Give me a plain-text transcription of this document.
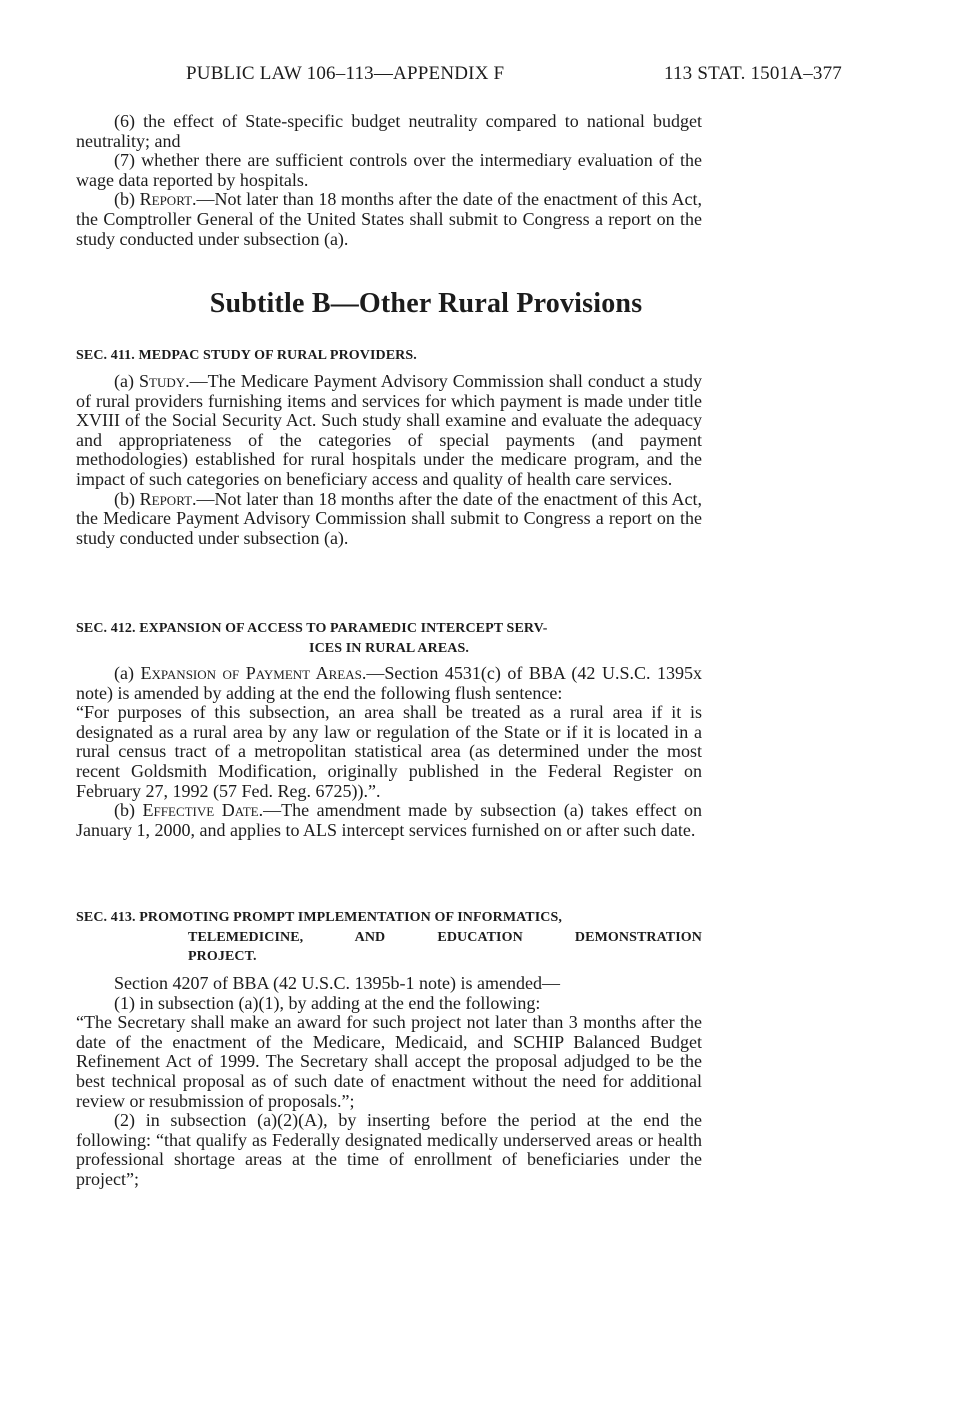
PUBLIC LAW 106–113—APPENDIX F	113 STAT. 1501A–377

(6) the effect of State-specific budget neutrality compared to national budget neutrality; and

(7) whether there are sufficient controls over the intermediary evaluation of the wage data reported by hospitals.

(b) Report.—Not later than 18 months after the date of the enactment of this Act, the Comptroller General of the United States shall submit to Congress a report on the study conducted under subsection (a).

Subtitle B—Other Rural Provisions
SEC. 411. MEDPAC STUDY OF RURAL PROVIDERS.

(a) Study.—The Medicare Payment Advisory Commission shall conduct a study of rural providers furnishing items and services for which payment is made under title XVIII of the Social Security Act. Such study shall examine and evaluate the adequacy and appropriateness of the categories of special payments (and payment methodologies) established for rural hospitals under the medicare program, and the impact of such categories on beneficiary access and quality of health care services.

(b) Report.—Not later than 18 months after the date of the enactment of this Act, the Medicare Payment Advisory Commission shall submit to Congress a report on the study conducted under subsection (a).

SEC. 412. EXPANSION OF ACCESS TO PARAMEDIC INTERCEPT SERV-
ICES IN RURAL AREAS.

(a) Expansion of Payment Areas.—Section 4531(c) of BBA (42 U.S.C. 1395x note) is amended by adding at the end the following flush sentence:

“For purposes of this subsection, an area shall be treated as a rural area if it is designated as a rural area by any law or regulation of the State or if it is located in a rural census tract of a metropolitan statistical area (as determined under the most recent Goldsmith Modification, originally published in the Federal Register on February 27, 1992 (57 Fed. Reg. 6725)).”.

(b) Effective Date.—The amendment made by subsection (a) takes effect on January 1, 2000, and applies to ALS intercept services furnished on or after such date.

SEC. 413. PROMOTING PROMPT IMPLEMENTATION OF INFORMATICS,
TELEMEDICINE, AND EDUCATION DEMONSTRATION
PROJECT.

Section 4207 of BBA (42 U.S.C. 1395b-1 note) is amended—

(1) in subsection (a)(1), by adding at the end the following:

“The Secretary shall make an award for such project not later than 3 months after the date of the enactment of the Medicare, Medicaid, and SCHIP Balanced Budget Refinement Act of 1999. The Secretary shall accept the proposal adjudged to be the best technical proposal as of such date of enactment without the need for additional review or resubmission of proposals.”;

(2) in subsection (a)(2)(A), by inserting before the period at the end the following: “that qualify as Federally designated medically underserved areas or health professional shortage areas at the time of enrollment of beneficiaries under the project”;
